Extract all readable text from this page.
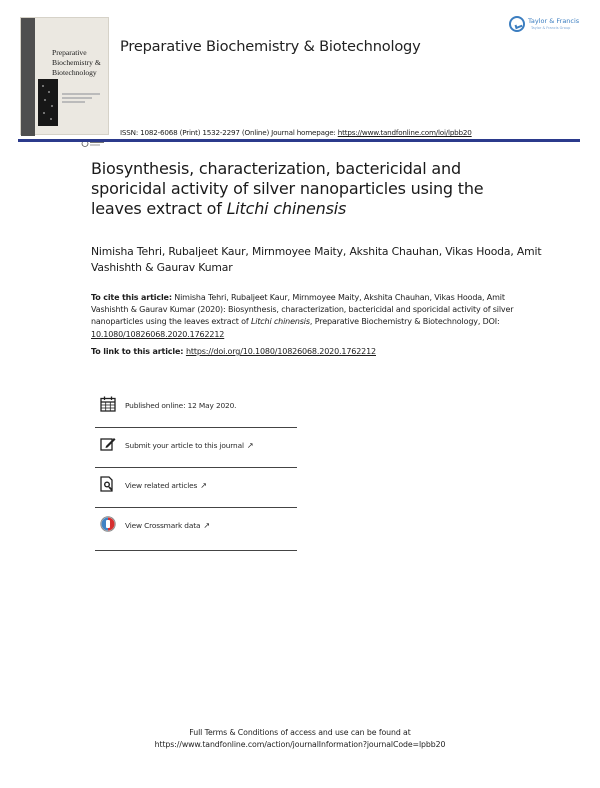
Preparative Biochemistry & Biotechnology
Taylor & Francis
Taylor & Francis Group
Preparative Biochemistry & Biotechnology
ISSN: 1082-6068 (Print) 1532-2297 (Online) Journal homepage: https://www.tandfonline.com/loi/lpbb20
Biosynthesis, characterization, bactericidal and sporicidal activity of silver nanoparticles using the leaves extract of Litchi chinensis

Nimisha Tehri, Rubaljeet Kaur, Mirnmoyee Maity, Akshita Chauhan, Vikas Hooda, Amit Vashishth & Gaurav Kumar

To cite this article: Nimisha Tehri, Rubaljeet Kaur, Mirnmoyee Maity, Akshita Chauhan, Vikas Hooda, Amit Vashishth & Gaurav Kumar (2020): Biosynthesis, characterization, bactericidal and sporicidal activity of silver nanoparticles using the leaves extract of Litchi chinensis, Preparative Biochemistry & Biotechnology, DOI: 10.1080/10826068.2020.1762212

To link to this article: https://doi.org/10.1080/10826068.2020.1762212
Published online: 12 May 2020.
Submit your article to this journal ↗
View related articles ↗
View Crossmark data ↗
Full Terms & Conditions of access and use can be found at
https://www.tandfonline.com/action/journalInformation?journalCode=lpbb20
